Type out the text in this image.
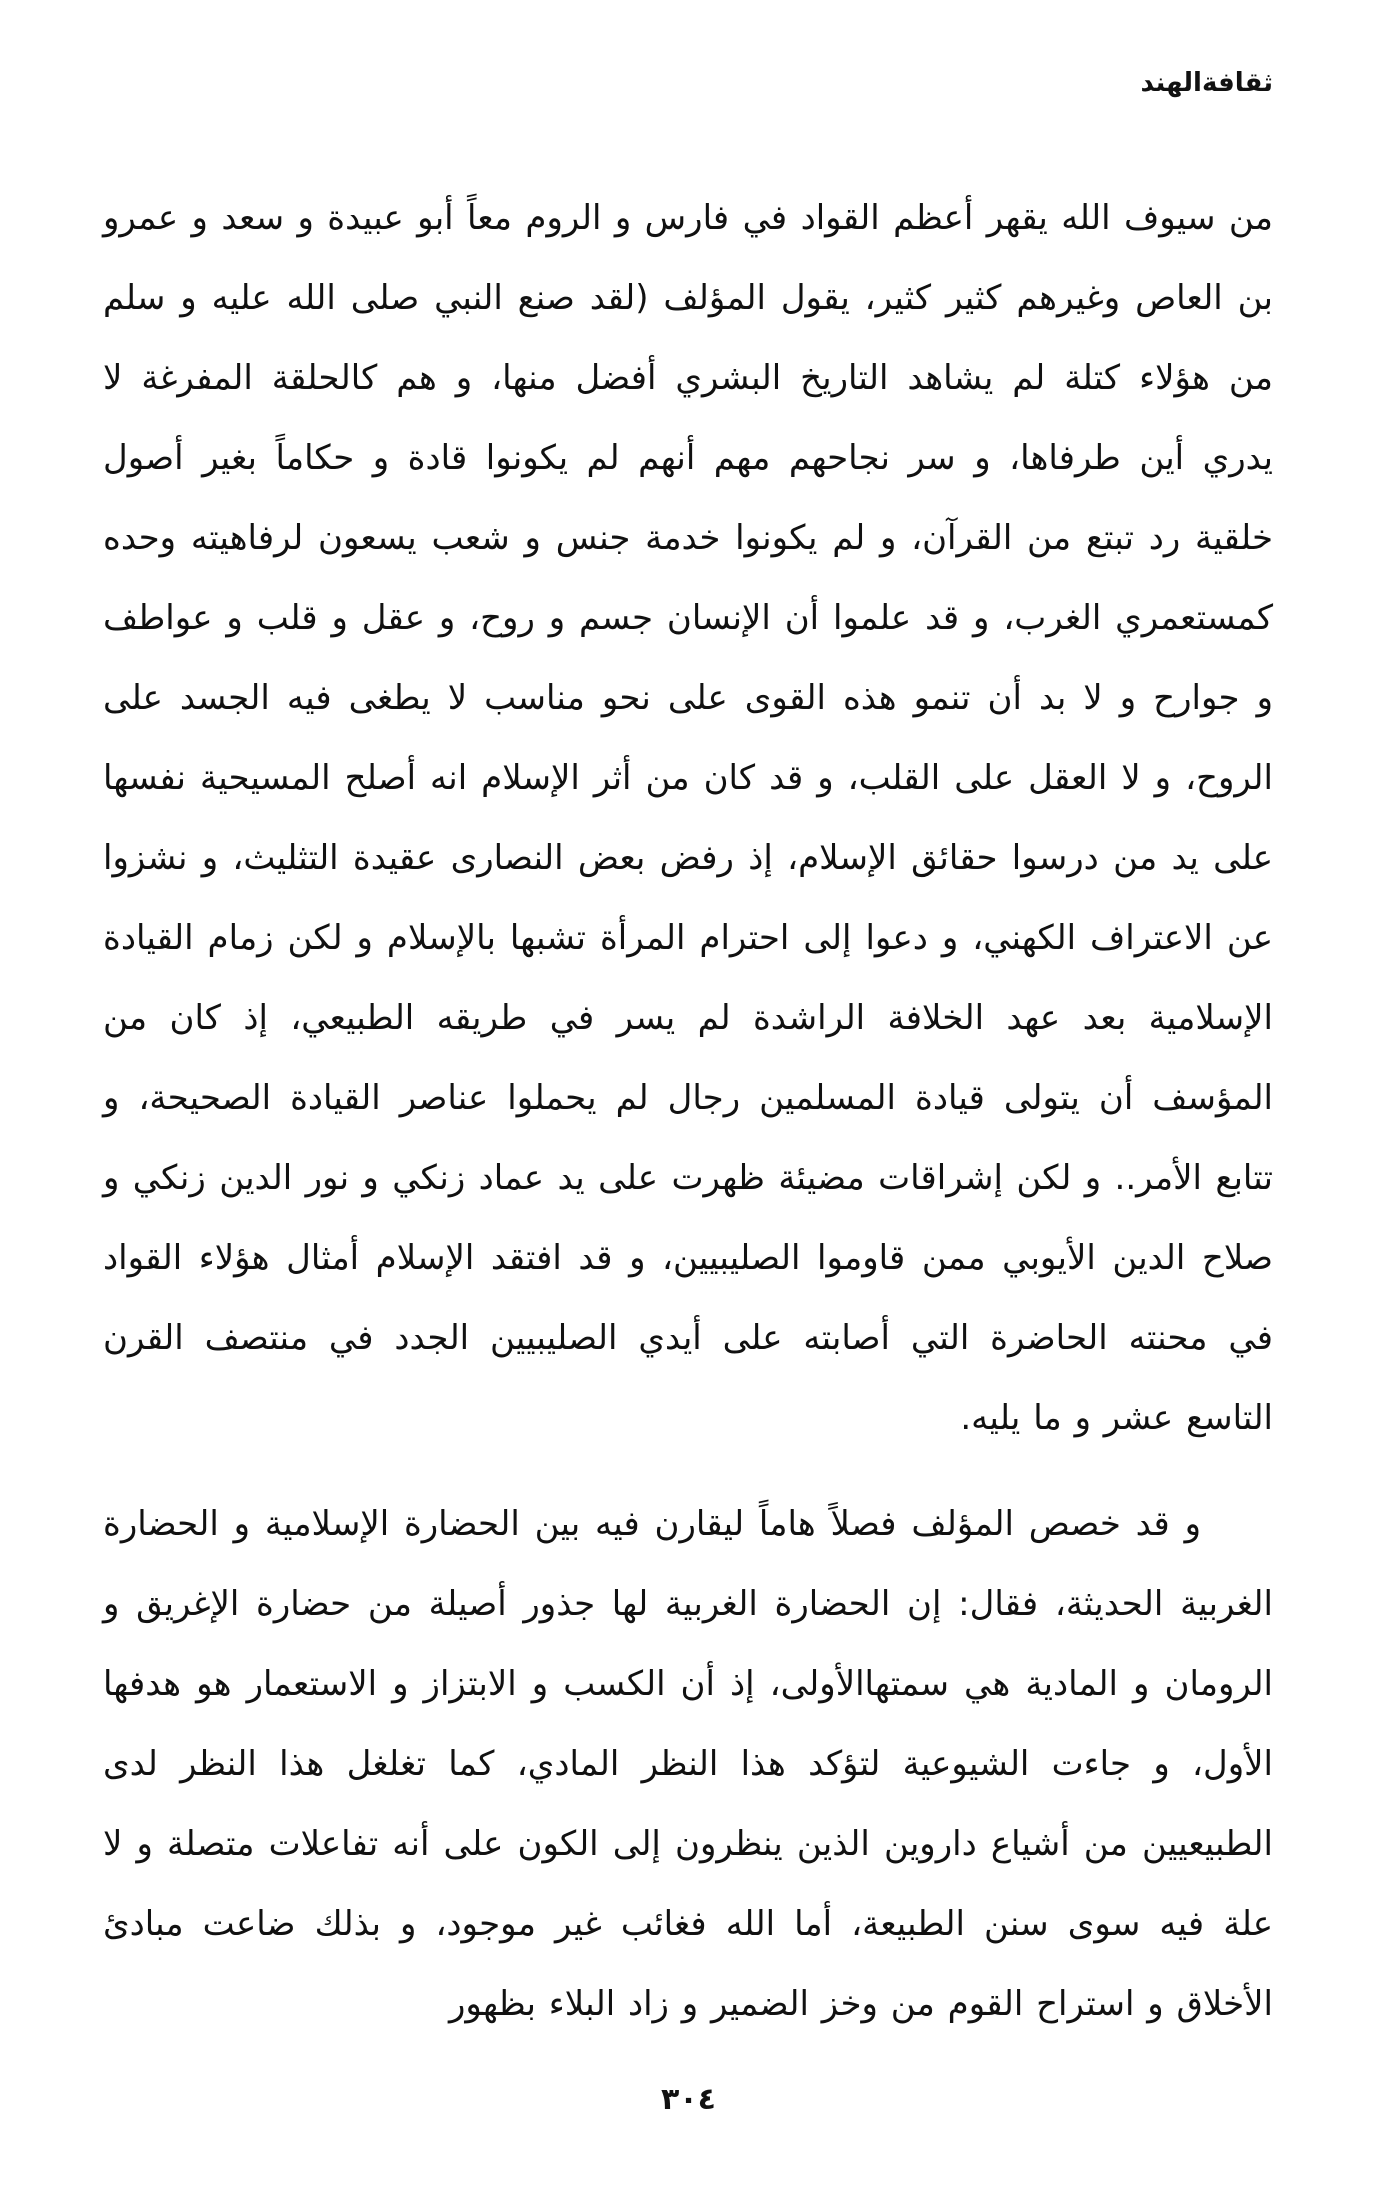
ثقافةالهند

من سيوف الله يقهر أعظم القواد في فارس و الروم معاً أبو عبيدة و سعد و عمرو بن العاص وغيرهم كثير كثير، يقول المؤلف (لقد صنع النبي صلى الله عليه و سلم من هؤلاء كتلة لم يشاهد التاريخ البشري أفضل منها، و هم كالحلقة المفرغة لا يدري أين طرفاها، و سر نجاحهم مهم أنهم لم يكونوا قادة و حكاماً بغير أصول خلقية رد تبتع من القرآن، و لم يكونوا خدمة جنس و شعب يسعون لرفاهيته وحده كمستعمري الغرب، و قد علموا أن الإنسان جسم و روح، و عقل و قلب و عواطف و جوارح و لا بد أن تنمو هذه القوى على نحو مناسب لا يطغى فيه الجسد على الروح، و لا العقل على القلب، و قد كان من أثر الإسلام انه أصلح المسيحية نفسها على يد من درسوا حقائق الإسلام، إذ رفض بعض النصارى عقيدة التثليث، و نشزوا عن الاعتراف الكهني، و دعوا إلى احترام المرأة تشبها بالإسلام و لكن زمام القيادة الإسلامية بعد عهد الخلافة الراشدة لم يسر في طريقه الطبيعي، إذ كان من المؤسف أن يتولى قيادة المسلمين رجال لم يحملوا عناصر القيادة الصحيحة، و تتابع الأمر.. و لكن إشراقات مضيئة ظهرت على يد عماد زنكي و نور الدين زنكي و صلاح الدين الأيوبي ممن قاوموا الصليبيين، و قد افتقد الإسلام أمثال هؤلاء القواد في محنته الحاضرة التي أصابته على أيدي الصليبيين الجدد في منتصف القرن التاسع عشر و ما يليه.

و قد خصص المؤلف فصلاً هاماً ليقارن فيه بين الحضارة الإسلامية و الحضارة الغربية الحديثة، فقال: إن الحضارة الغربية لها جذور أصيلة من حضارة الإغريق و الرومان و المادية هي سمتهاالأولى، إذ أن الكسب و الابتزاز و الاستعمار هو هدفها الأول، و جاءت الشيوعية لتؤكد هذا النظر المادي، كما تغلغل هذا النظر لدى الطبيعيين من أشياع داروين الذين ينظرون إلى الكون على أنه تفاعلات متصلة و لا علة فيه سوى سنن الطبيعة، أما الله فغائب غير موجود، و بذلك ضاعت مبادئ الأخلاق و استراح القوم من وخز الضمير و زاد البلاء بظهور

٣٠٤
